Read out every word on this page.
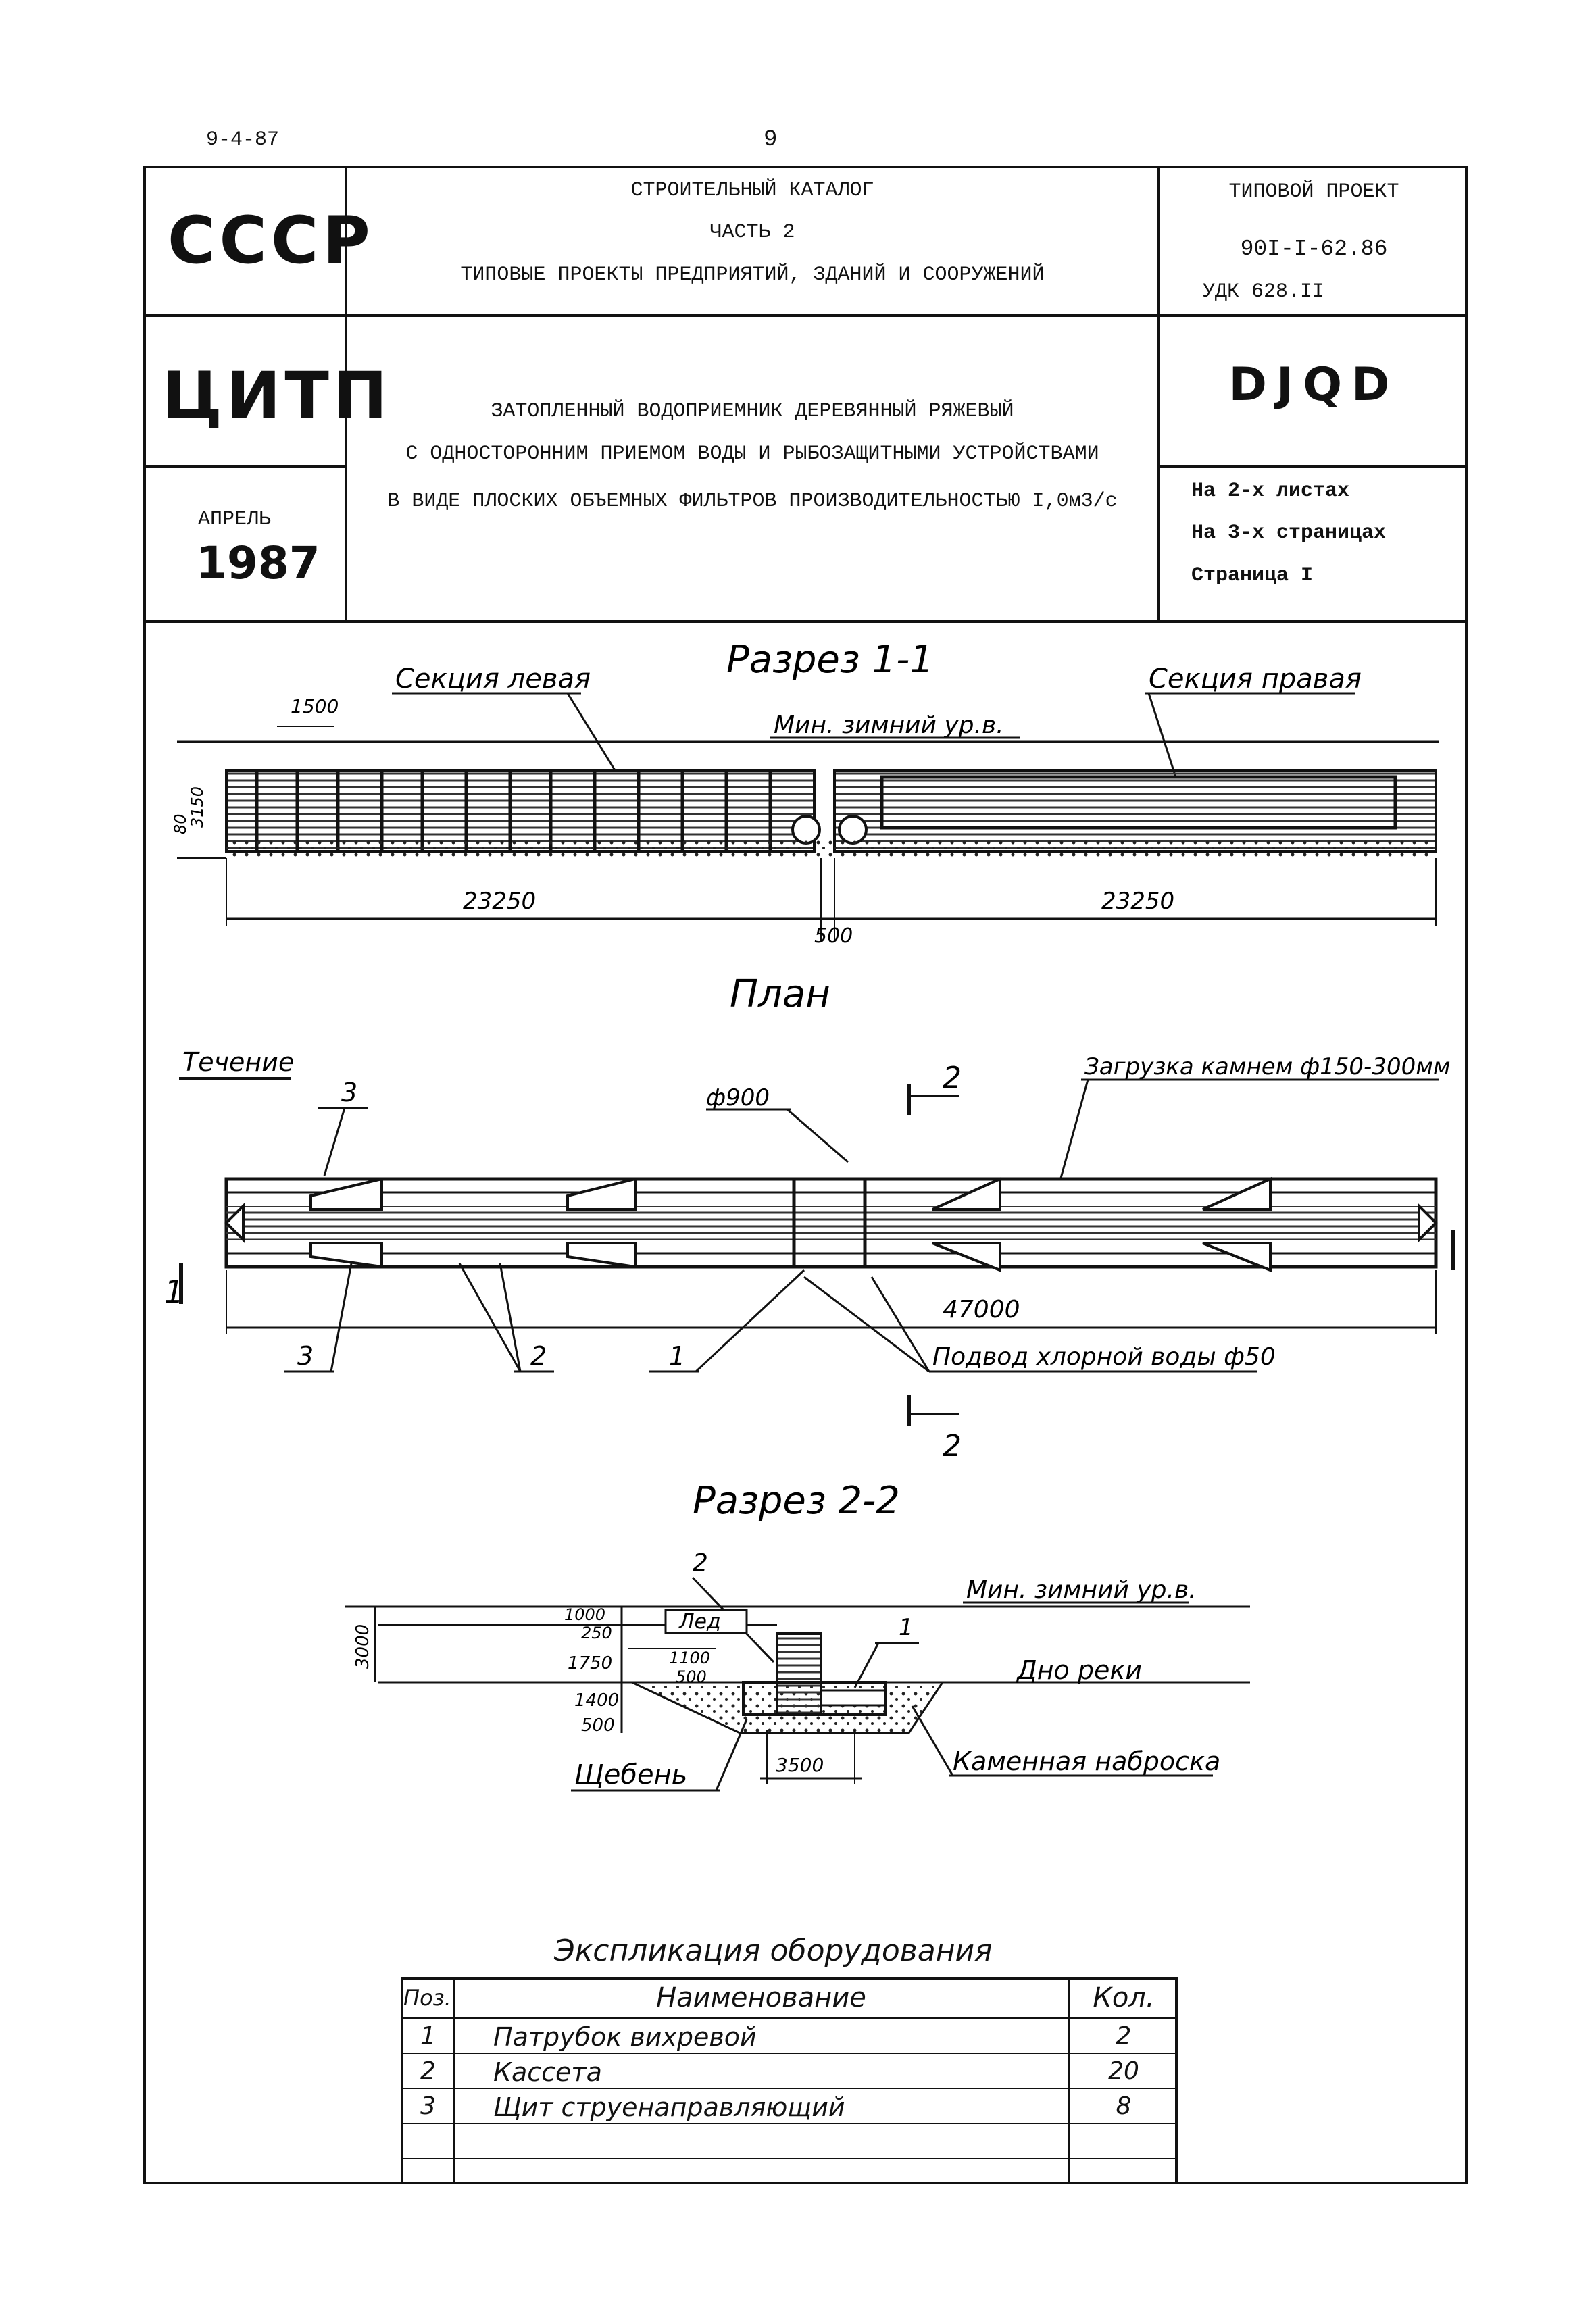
9-4-87	9
СССР
ЦИТП
АПРЕЛЬ
1987
СТРОИТЕЛЬНЫЙ КАТАЛОГ
ЧАСТЬ 2
ТИПОВЫЕ ПРОЕКТЫ ПРЕДПРИЯТИЙ, ЗДАНИЙ И СООРУЖЕНИЙ
ТИПОВОЙ ПРОЕКТ
90I-I-62.86
УДК 628.II
DJQD
ЗАТОПЛЕННЫЙ ВОДОПРИЕМНИК ДЕРЕВЯННЫЙ РЯЖЕВЫЙ
С ОДНОСТОРОННИМ ПРИЕМОМ ВОДЫ И РЫБОЗАЩИТНЫМИ УСТРОЙСТВАМИ
В ВИДЕ ПЛОСКИХ ОБЪЕМНЫХ ФИЛЬТРОВ ПРОИЗВОДИТЕЛЬНОСТЬЮ I,0м3/с	На 2-х листах
На 3-х страницах
Страница I
Разрез 1-1
Секция левая	Секция правая
1500
Мин. зимний ур.в.
23250	23250
500
3150
80
План
Течение	2
ф900
Загрузка камнем ф150-300мм
3
47000
1
3	2	1	Подвод хлорной воды ф50
2
Разрез 2-2
2
Мин. зимний ур.в.
Лед	1
Дно реки
3000
1000
250
1750
1400
500
1100
500
3500
Щебень	Каменная наброска
Экспликация оборудования
Поз.	Наименование	Кол.
1	Патрубок вихревой	2
2	Кассета	20
3	Щит струенаправляющий	8
